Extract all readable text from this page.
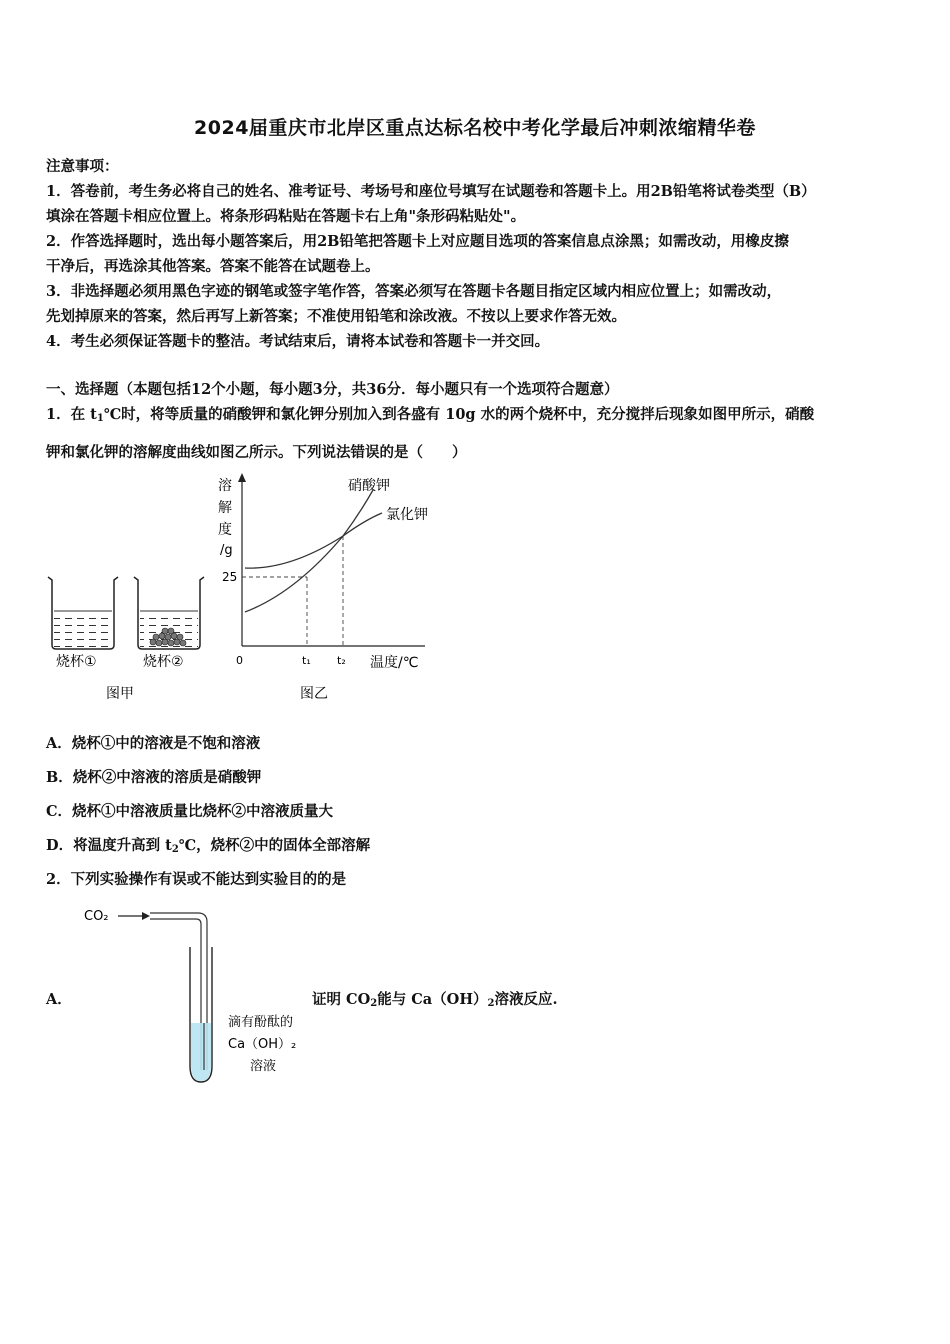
2024届重庆市北岸区重点达标名校中考化学最后冲刺浓缩精华卷
注意事项：
1．答卷前，考生务必将自己的姓名、准考证号、考场号和座位号填写在试题卷和答题卡上。用2B铅笔将试卷类型（B）
填涂在答题卡相应位置上。将条形码粘贴在答题卡右上角"条形码粘贴处"。
2．作答选择题时，选出每小题答案后，用2B铅笔把答题卡上对应题目选项的答案信息点涂黑；如需改动，用橡皮擦
干净后，再选涂其他答案。答案不能答在试题卷上。
3．非选择题必须用黑色字迹的钢笔或签字笔作答，答案必须写在答题卡各题目指定区域内相应位置上；如需改动，
先划掉原来的答案，然后再写上新答案；不准使用铅笔和涂改液。不按以上要求作答无效。
4．考生必须保证答题卡的整洁。考试结束后，请将本试卷和答题卡一并交回。
一、选择题（本题包括12个小题，每小题3分，共36分．每小题只有一个选项符合题意）
1．在 $t_1℃$时，将等质量的硝酸钾和氯化钾分别加入到各盛有 10g 水的两个烧杯中，充分搅拌后现象如图甲所示，硝酸
钾和氯化钾的溶解度曲线如图乙所示。下列说法错误的是（　　）
烧杯①	烧杯②
图甲
溶
解
度
/g
25
0	t₁ t₂ 温度/℃
硝酸钾
氯化钾
图乙
A．烧杯①中的溶液是不饱和溶液
B．烧杯②中溶液的溶质是硝酸钾
C．烧杯①中溶液质量比烧杯②中溶液质量大
D．将温度升高到 $t_2℃$，烧杯②中的固体全部溶解
2．下列实验操作有误或不能达到实验目的的是
CO₂
滴有酚酞的
Ca（OH）₂
溶液
A．	证明 $CO_2$能与 $Ca(OH)_2$溶液反应.
